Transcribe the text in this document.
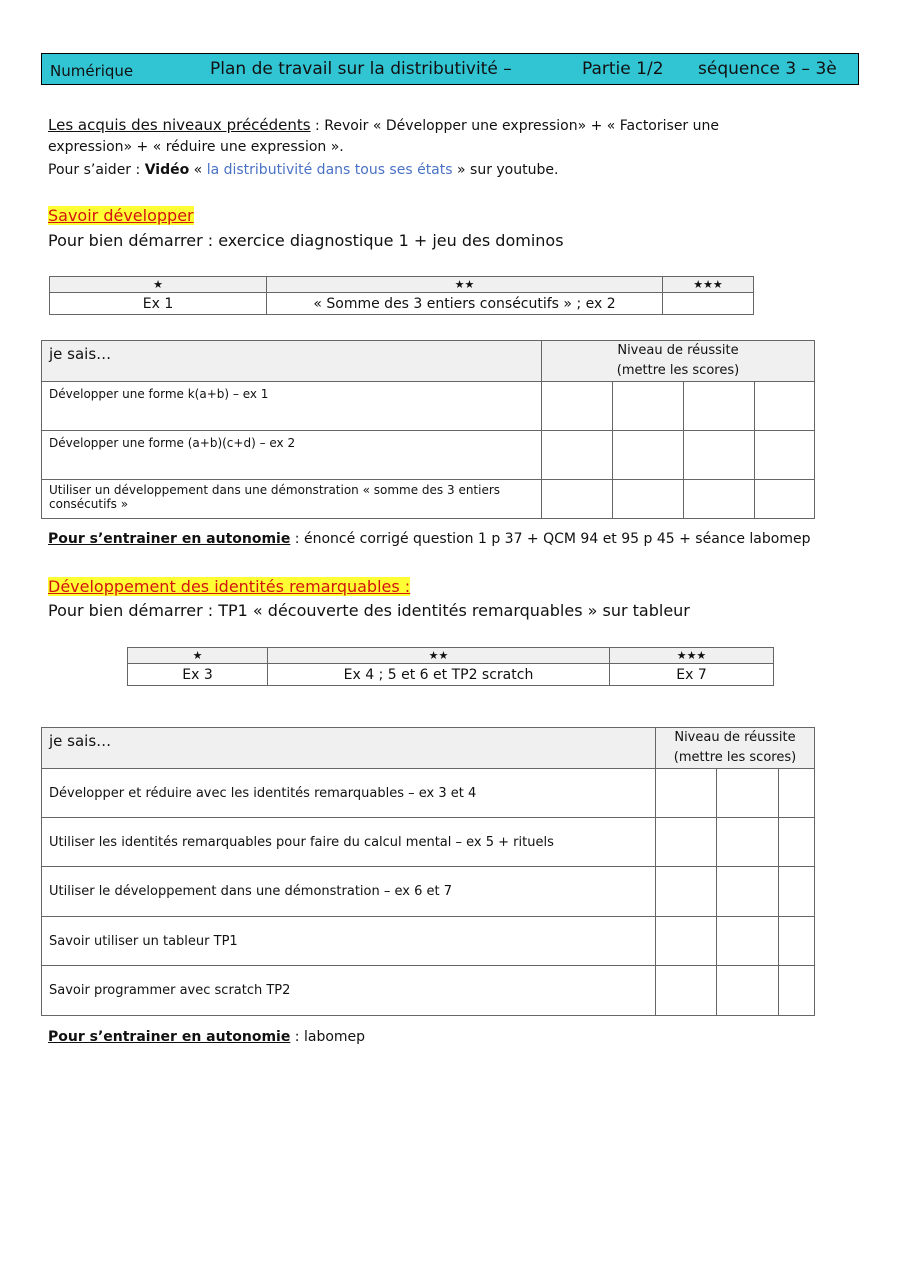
Numérique	Plan de travail sur la distributivité –	Partie 1/2 séquence 3 – 3è
Les acquis des niveaux précédents : Revoir « Développer une expression» + « Factoriser une
expression» + « réduire une expression ».
Pour s’aider : Vidéo « la distributivité dans tous ses états » sur youtube.
Savoir développer
Pour bien démarrer : exercice diagnostique 1 + jeu des dominos
★	★★	★★★
Ex 1	« Somme des 3 entiers consécutifs » ; ex 2	
je sais…	Niveau de réussite
(mettre les scores)			

Développer une forme k(a+b) – ex 1				
Développer une forme (a+b)(c+d) – ex 2				
Utiliser un développement dans une démonstration « somme des 3 entiers consécutifs »				
Pour s’entrainer en autonomie : énoncé corrigé question 1 p 37 + QCM 94 et 95 p 45 + séance labomep
Développement des identités remarquables :
Pour bien démarrer : TP1 « découverte des identités remarquables » sur tableur
★	★★	★★★
Ex 3	Ex 4 ; 5 et 6 et TP2 scratch	Ex 7
je sais…	Niveau de réussite
(mettre les scores)		

Développer et réduire avec les identités remarquables – ex 3 et 4			
Utiliser les identités remarquables pour faire du calcul mental – ex 5 + rituels			
Utiliser le développement dans une démonstration – ex 6 et 7			
Savoir utiliser un tableur TP1			
Savoir programmer avec scratch TP2			
Pour s’entrainer en autonomie : labomep
